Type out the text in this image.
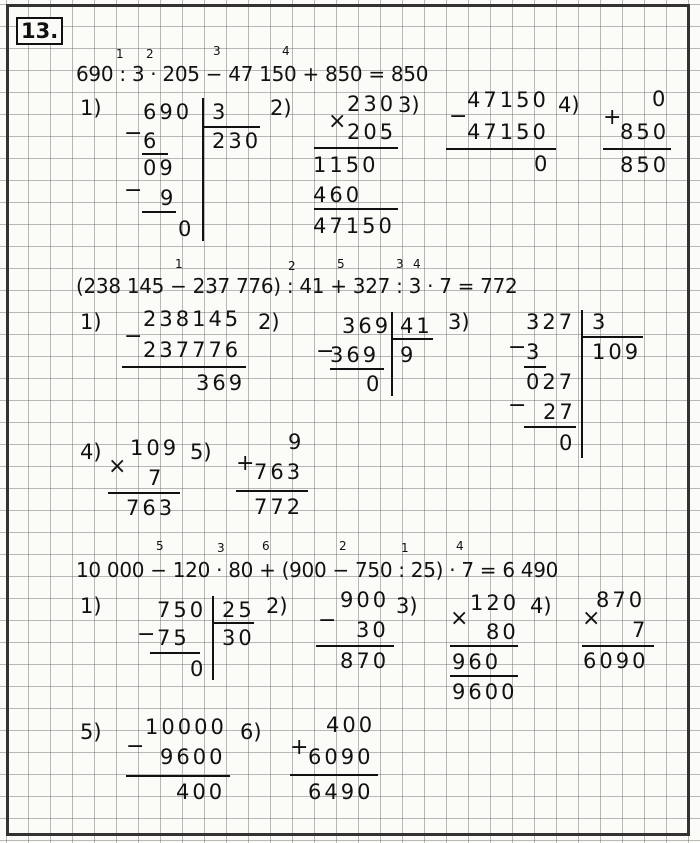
13.
690 : 3 · 205 − 47 150 + 850 = 850
1 2	3	4
1) 690 3
230
− 6
09
− 9
0
2)
×
230
205
1150
460
47150
3) −
47150
47150
0
4) +
0
850
850
(238 145 − 237 776) : 41 + 327 : 3 · 7 = 772
1	2	5	3 4
1)
−
238145
237776
369
2)	369 41
9
−
369
0
3)	327 3
109
− 3
027
− 27
0
4)
×
109
7
763
5) +
9
763
772
10 000 − 120 · 80 + (900 − 750 : 25) · 7 = 6 490
5	3	6	2	1	4
1)	750 25
30
− 75
0
2)
−
900
30
870
3) ×
120
80
960
9600
4) ×
870
7
6090
5)
−
10000
9600
400
6)
+
400
6090
6490
